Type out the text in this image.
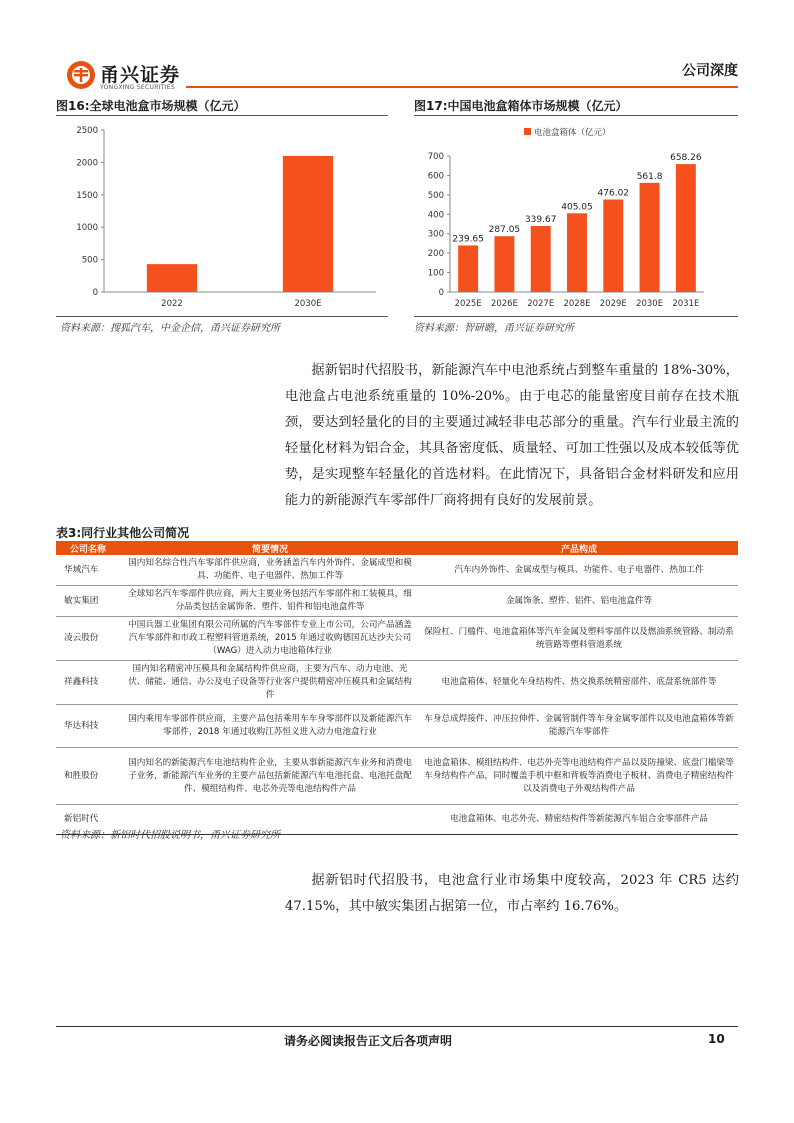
甬兴证券
YONGXING SECURITIES
公司深度
图16:全球电池盒市场规模（亿元）
0
500
1000
1500
2000
2500
2022	2030E
资料来源：搜狐汽车，中金企信，甬兴证券研究所
图17:中国电池盒箱体市场规模（亿元）
0
100
200
300
400
500
600
700
2025E
239.65
2026E
287.05
2027E
339.67
2028E
405.05
2029E
476.02
2030E
561.8
2031E
658.26
电池盒箱体（亿元）
资料来源：智研瞻，甬兴证券研究所

据新铝时代招股书，新能源汽车中电池系统占到整车重量的 18%-30%，电池盒占电池系统重量的 10%-20%。由于电芯的能量密度目前存在技术瓶颈，要达到轻量化的目的主要通过减轻非电芯部分的重量。汽车行业最主流的轻量化材料为铝合金，其具备密度低、质量轻、可加工性强以及成本较低等优势，是实现整车轻量化的首选材料。在此情况下，具备铝合金材料研发和应用能力的新能源汽车零部件厂商将拥有良好的发展前景。

表3:同行业其他公司简况
公司名称	简要情况	产品构成
华域汽车	国内知名综合性汽车零部件供应商，业务涵盖汽车内外饰件、金属成型和模具、功能件、电子电器件、热加工件等	汽车内外饰件、金属成型与模具、功能件、电子电器件、热加工件
敏实集团	全球知名汽车零部件供应商，两大主要业务包括汽车零部件和工装模具，细分品类包括金属饰条、塑件、铝件和铝电池盒件等	金属饰条、塑件、铝件、铝电池盒件等
凌云股份	中国兵器工业集团有限公司所属的汽车零部件专业上市公司，公司产品涵盖汽车零部件和市政工程塑料管道系统，2015 年通过收购德国瓦达沙夫公司（WAG）进入动力电池箱体行业	保险杠、门槛件、电池盒箱体等汽车金属及塑料零部件以及燃油系统管路、制动系统管路等塑料管道系统
祥鑫科技	国内知名精密冲压模具和金属结构件供应商，主要为汽车、动力电池、光伏、储能、通信、办公及电子设备等行业客户提供精密冲压模具和金属结构件	电池盒箱体、轻量化车身结构件、热交换系统精密部件、底盘系统部件等
华达科技	国内乘用车零部件供应商，主要产品包括乘用车车身零部件以及新能源汽车零部件，2018 年通过收购江苏恒义进入动力电池盒行业	车身总成焊接件、冲压拉伸件、金属管制件等车身金属零部件以及电池盒箱体等新能源汽车零部件
和胜股份	国内知名的新能源汽车电池结构件企业，主要从事新能源汽车业务和消费电子业务，新能源汽车业务的主要产品包括新能源汽车电池托盘、电池托盘配件、模组结构件、电芯外壳等电池结构件产品	电池盒箱体、模组结构件、电芯外壳等电池结构件产品以及防撞梁、底盘门槛梁等车身结构件产品，同时覆盖手机中框和背板等消费电子板材、消费电子精密结构件以及消费电子外观结构件产品
新铝时代		电池盒箱体、电芯外壳、精密结构件等新能源汽车铝合金零部件产品
资料来源：新铝时代招股说明书，甬兴证券研究所

据新铝时代招股书，电池盒行业市场集中度较高，2023 年 CR5 达约 47.15%，其中敏实集团占据第一位，市占率约 16.76%。

请务必阅读报告正文后各项声明	10
